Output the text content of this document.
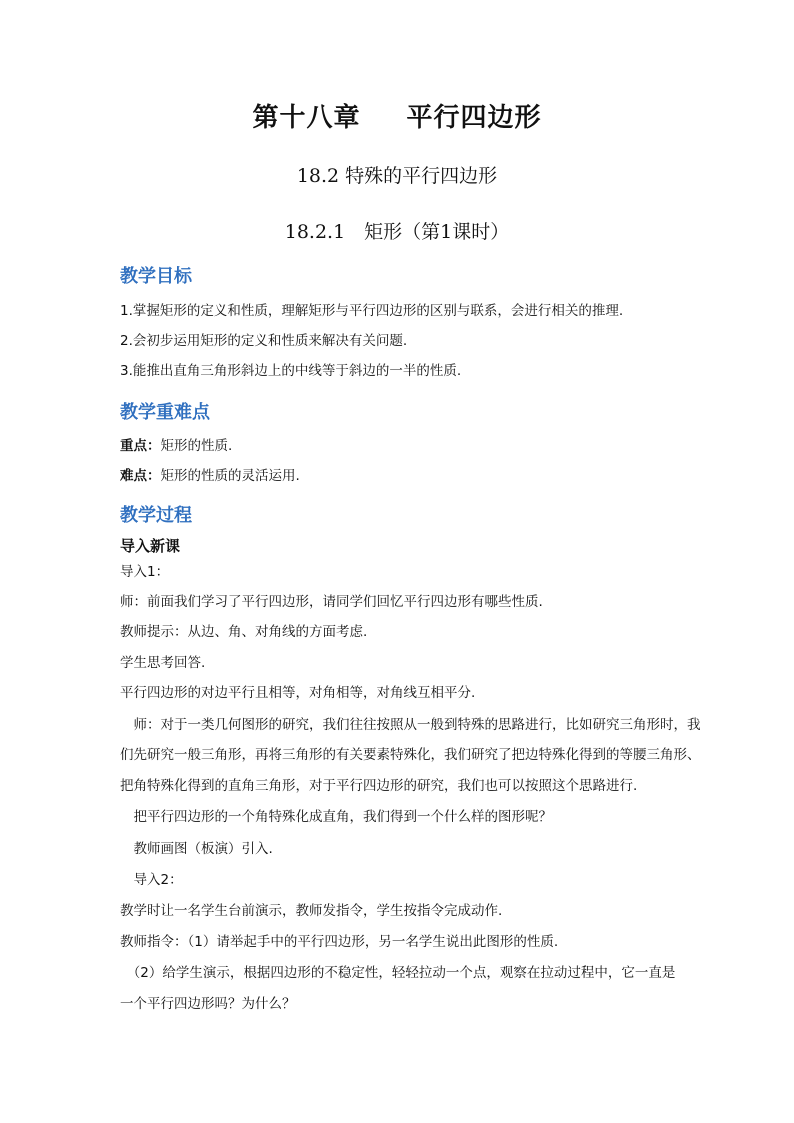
第十八章 平行四边形
18.2 特殊的平行四边形
18.2.1　矩形（第1课时）
教学目标
1.掌握矩形的定义和性质，理解矩形与平行四边形的区别与联系，会进行相关的推理.
2.会初步运用矩形的定义和性质来解决有关问题.
3.能推出直角三角形斜边上的中线等于斜边的一半的性质.
教学重难点
重点：矩形的性质.
难点：矩形的性质的灵活运用.
教学过程
导入新课
导入1：
师：前面我们学习了平行四边形，请同学们回忆平行四边形有哪些性质.
教师提示：从边、角、对角线的方面考虑.
学生思考回答.
平行四边形的对边平行且相等，对角相等，对角线互相平分.
　师：对于一类几何图形的研究，我们往往按照从一般到特殊的思路进行，比如研究三角形时，我
们先研究一般三角形，再将三角形的有关要素特殊化，我们研究了把边特殊化得到的等腰三角形、
把角特殊化得到的直角三角形，对于平行四边形的研究，我们也可以按照这个思路进行.
　把平行四边形的一个角特殊化成直角，我们得到一个什么样的图形呢？
　教师画图（板演）引入.
　导入2：
教学时让一名学生台前演示，教师发指令，学生按指令完成动作.
教师指令：（1）请举起手中的平行四边形，另一名学生说出此图形的性质.
　（2）给学生演示，根据四边形的不稳定性，轻轻拉动一个点，观察在拉动过程中，它一直是
一个平行四边形吗？为什么？
